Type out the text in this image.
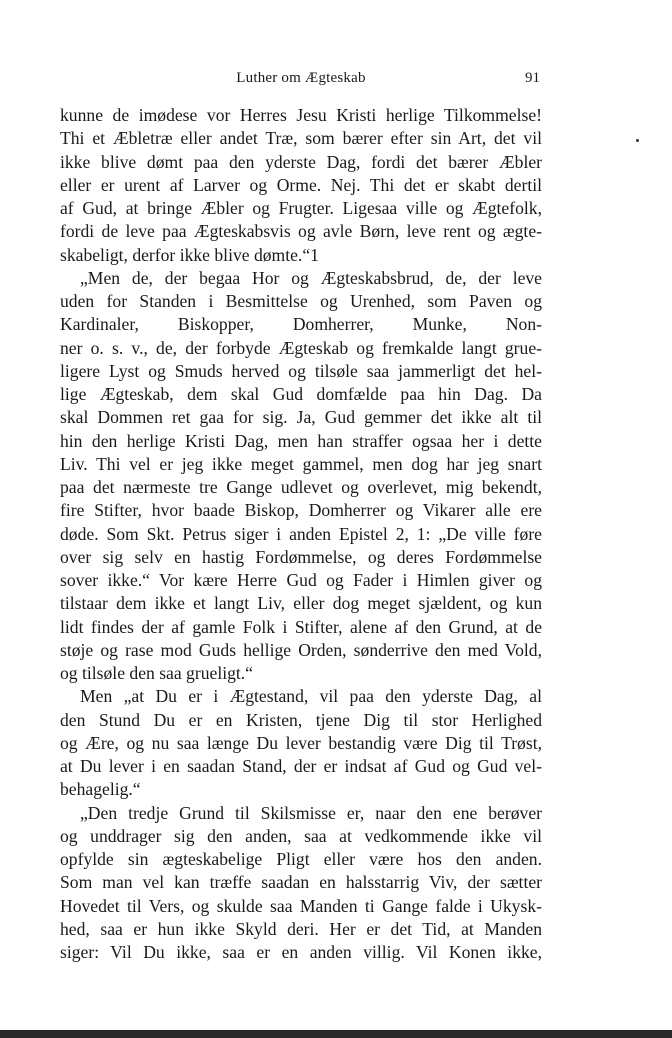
Luther om Ægteskab	91
kunne de imødese vor Herres Jesu Kristi herlige Tilkommelse!
Thi et Æbletræ eller andet Træ, som bærer efter sin Art, det vil
ikke blive dømt paa den yderste Dag, fordi det bærer Æbler
eller er urent af Larver og Orme. Nej. Thi det er skabt dertil
af Gud, at bringe Æbler og Frugter. Ligesaa ville og Ægtefolk,
fordi de leve paa Ægteskabsvis og avle Børn, leve rent og ægte-
skabeligt, derfor ikke blive dømte.“1
„Men de, der begaa Hor og Ægteskabsbrud, de, der leve
uden for Standen i Besmittelse og Urenhed, som Paven og
Kardinaler, Biskopper, Domherrer, Munke, Non-
ner o. s. v., de, der forbyde Ægteskab og fremkalde langt grue-
ligere Lyst og Smuds herved og tilsøle saa jammerligt det hel-
lige Ægteskab, dem skal Gud domfælde paa hin Dag. Da
skal Dommen ret gaa for sig. Ja, Gud gemmer det ikke alt til
hin den herlige Kristi Dag, men han straffer ogsaa her i dette
Liv. Thi vel er jeg ikke meget gammel, men dog har jeg snart
paa det nærmeste tre Gange udlevet og overlevet, mig bekendt,
fire Stifter, hvor baade Biskop, Domherrer og Vikarer alle ere
døde. Som Skt. Petrus siger i anden Epistel 2, 1: „De ville føre
over sig selv en hastig Fordømmelse, og deres Fordømmelse
sover ikke.“ Vor kære Herre Gud og Fader i Himlen giver og
tilstaar dem ikke et langt Liv, eller dog meget sjældent, og kun
lidt findes der af gamle Folk i Stifter, alene af den Grund, at de
støje og rase mod Guds hellige Orden, sønderrive den med Vold,
og tilsøle den saa grueligt.“
Men „at Du er i Ægtestand, vil paa den yderste Dag, al
den Stund Du er en Kristen, tjene Dig til stor Herlighed
og Ære, og nu saa længe Du lever bestandig være Dig til Trøst,
at Du lever i en saadan Stand, der er indsat af Gud og Gud vel-
behagelig.“
„Den tredje Grund til Skilsmisse er, naar den ene berøver
og unddrager sig den anden, saa at vedkommende ikke vil
opfylde sin ægteskabelige Pligt eller være hos den anden.
Som man vel kan træffe saadan en halsstarrig Viv, der sætter
Hovedet til Vers, og skulde saa Manden ti Gange falde i Ukysk-
hed, saa er hun ikke Skyld deri. Her er det Tid, at Manden
siger: Vil Du ikke, saa er en anden villig. Vil Konen ikke,
